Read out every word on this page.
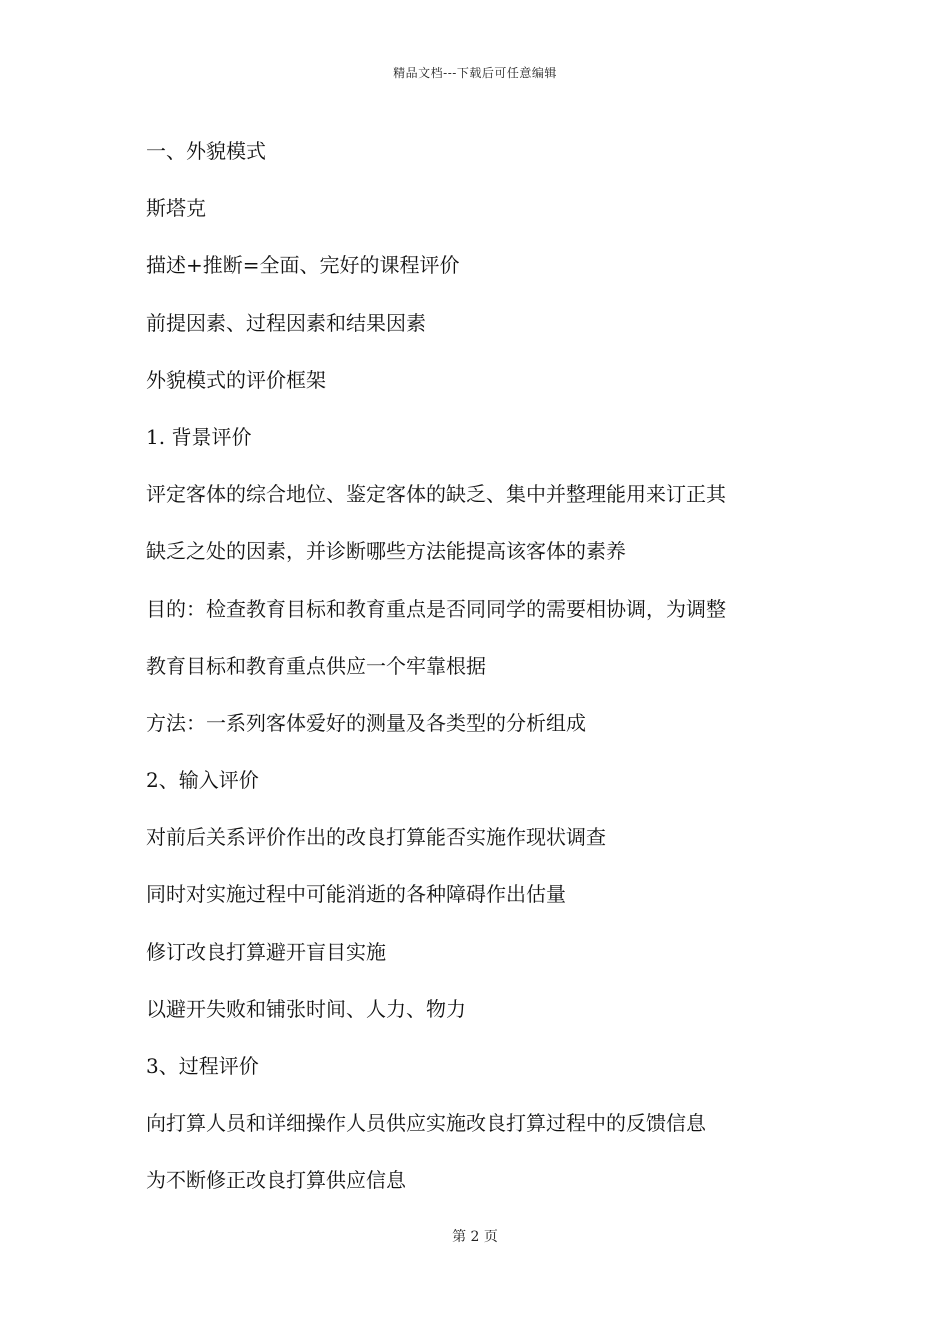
精品文档---下载后可任意编辑
一、外貌模式
斯塔克
描述+推断=全面、完好的课程评价
前提因素、过程因素和结果因素
外貌模式的评价框架
1. 背景评价
评定客体的综合地位、鉴定客体的缺乏、集中并整理能用来订正其
缺乏之处的因素，并诊断哪些方法能提高该客体的素养
目的：检查教育目标和教育重点是否同同学的需要相协调，为调整
教育目标和教育重点供应一个牢靠根据
方法：一系列客体爱好的测量及各类型的分析组成
2、输入评价
对前后关系评价作出的改良打算能否实施作现状调查
同时对实施过程中可能消逝的各种障碍作出估量
修订改良打算避开盲目实施
以避开失败和铺张时间、人力、物力
3、过程评价
向打算人员和详细操作人员供应实施改良打算过程中的反馈信息
为不断修正改良打算供应信息
第 2 页
